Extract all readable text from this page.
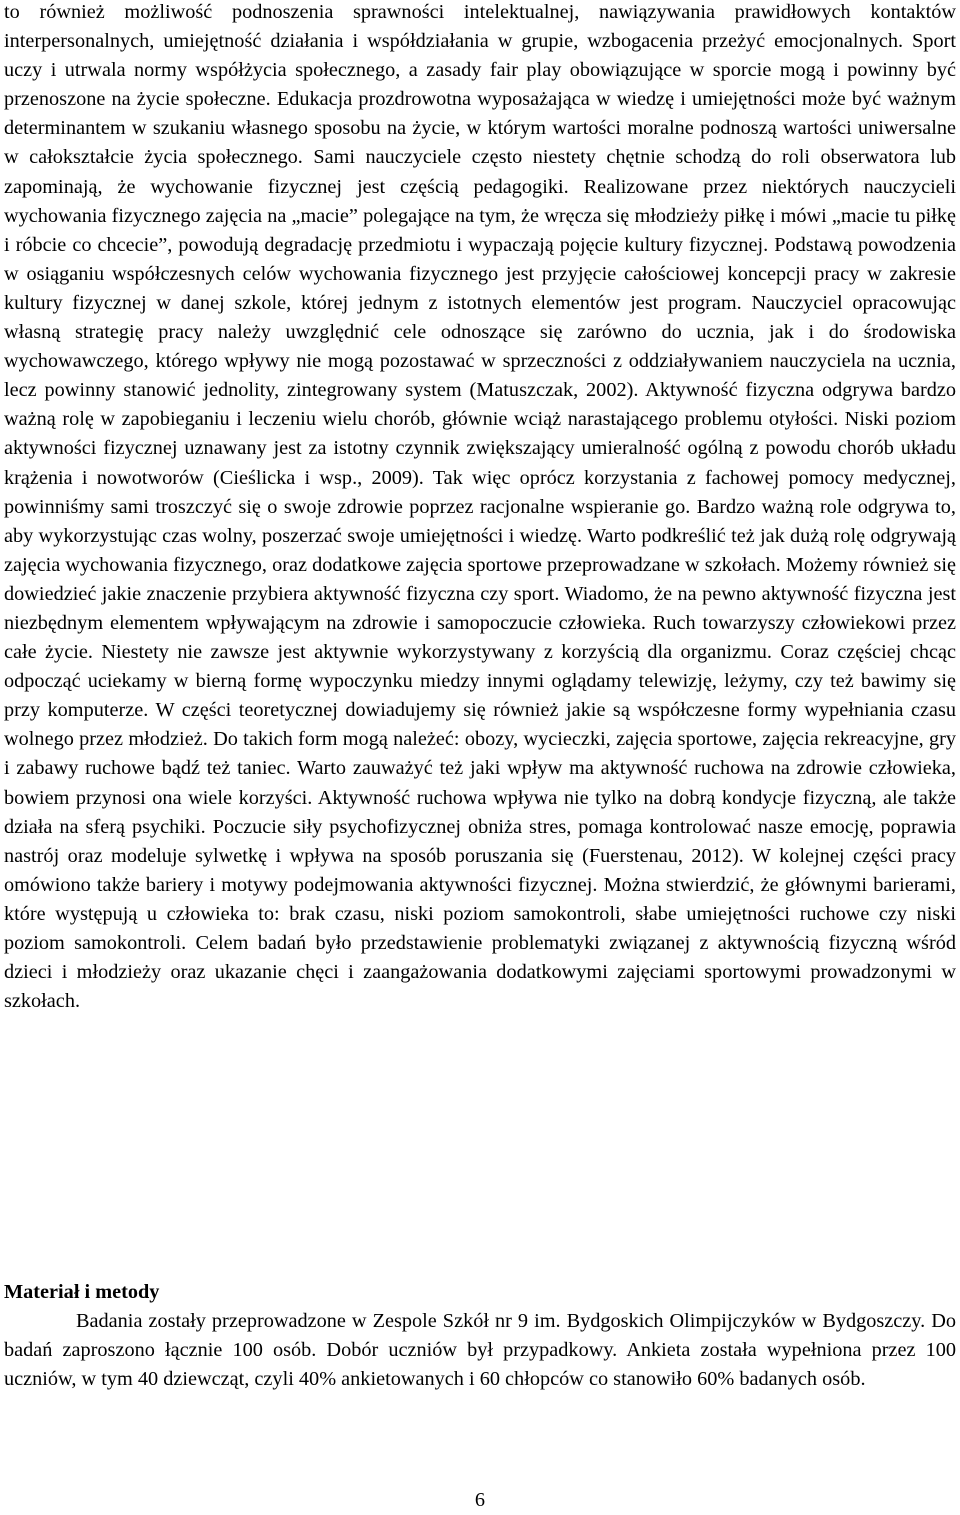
to również możliwość podnoszenia sprawności intelektualnej, nawiązywania prawidłowych kontaktów interpersonalnych, umiejętność działania i współdziałania w grupie, wzbogacenia przeżyć emocjonalnych. Sport uczy i utrwala normy współżycia społecznego, a zasady fair play obowiązujące w sporcie mogą i powinny być przenoszone na życie społeczne. Edukacja prozdrowotna wyposażająca w wiedzę i umiejętności może być ważnym determinantem w szukaniu własnego sposobu na życie, w którym wartości moralne podnoszą wartości uniwersalne w całokształcie życia społecznego. Sami nauczyciele często niestety chętnie schodzą do roli obserwatora lub zapominają, że wychowanie fizycznej jest częścią pedagogiki. Realizowane przez niektórych nauczycieli wychowania fizycznego zajęcia na „macie” polegające na tym, że wręcza się młodzieży piłkę i mówi „macie tu piłkę i róbcie co chcecie”, powodują degradację przedmiotu i wypaczają pojęcie kultury fizycznej. Podstawą powodzenia w osiąganiu współczesnych celów wychowania fizycznego jest przyjęcie całościowej koncepcji pracy w zakresie kultury fizycznej w danej szkole, której jednym z istotnych elementów jest program. Nauczyciel opracowując własną strategię pracy należy uwzględnić cele odnoszące się zarówno do ucznia, jak i do środowiska wychowawczego, którego wpływy nie mogą pozostawać w sprzeczności z oddziaływaniem nauczyciela na ucznia, lecz powinny stanowić jednolity, zintegrowany system (Matuszczak, 2002). Aktywność fizyczna odgrywa bardzo ważną rolę w zapobieganiu i leczeniu wielu chorób, głównie wciąż narastającego problemu otyłości. Niski poziom aktywności fizycznej uznawany jest za istotny czynnik zwiększający umieralność ogólną z powodu chorób układu krążenia i nowotworów (Cieślicka i wsp., 2009). Tak więc oprócz korzystania z fachowej pomocy medycznej, powinniśmy sami troszczyć się o swoje zdrowie poprzez racjonalne wspieranie go. Bardzo ważną role odgrywa to, aby wykorzystując czas wolny, poszerzać swoje umiejętności i wiedzę. Warto podkreślić też jak dużą rolę odgrywają zajęcia wychowania fizycznego, oraz dodatkowe zajęcia sportowe przeprowadzane w szkołach. Możemy również się dowiedzieć jakie znaczenie przybiera aktywność fizyczna czy sport. Wiadomo, że na pewno aktywność fizyczna jest niezbędnym elementem wpływającym na zdrowie i samopoczucie człowieka. Ruch towarzyszy człowiekowi przez całe życie. Niestety nie zawsze jest aktywnie wykorzystywany z korzyścią dla organizmu. Coraz częściej chcąc odpocząć uciekamy w bierną formę wypoczynku miedzy innymi oglądamy telewizję, leżymy, czy też bawimy się przy komputerze. W części teoretycznej dowiadujemy się również jakie są współczesne formy wypełniania czasu wolnego przez młodzież. Do takich form mogą należeć: obozy, wycieczki, zajęcia sportowe, zajęcia rekreacyjne, gry i zabawy ruchowe bądź też taniec. Warto zauważyć też jaki wpływ ma aktywność ruchowa na zdrowie człowieka, bowiem przynosi ona wiele korzyści. Aktywność ruchowa wpływa nie tylko na dobrą kondycje fizyczną, ale także działa na sferą psychiki. Poczucie siły psychofizycznej obniża stres, pomaga kontrolować nasze emocję, poprawia nastrój oraz modeluje sylwetkę i wpływa na sposób poruszania się (Fuerstenau, 2012). W kolejnej części pracy omówiono także bariery i motywy podejmowania aktywności fizycznej. Można stwierdzić, że głównymi barierami, które występują u człowieka to: brak czasu, niski poziom samokontroli, słabe umiejętności ruchowe czy niski poziom samokontroli. Celem badań było przedstawienie problematyki związanej z aktywnością fizyczną wśród dzieci i młodzieży oraz ukazanie chęci i zaangażowania dodatkowymi zajęciami sportowymi prowadzonymi w szkołach.

Materiał i metody

Badania zostały przeprowadzone w Zespole Szkół nr 9 im. Bydgoskich Olimpijczyków w Bydgoszczy. Do badań zaproszono łącznie 100 osób. Dobór uczniów był przypadkowy. Ankieta została wypełniona przez 100 uczniów, w tym 40 dziewcząt, czyli 40% ankietowanych i 60 chłopców co stanowiło 60% badanych osób.

6
